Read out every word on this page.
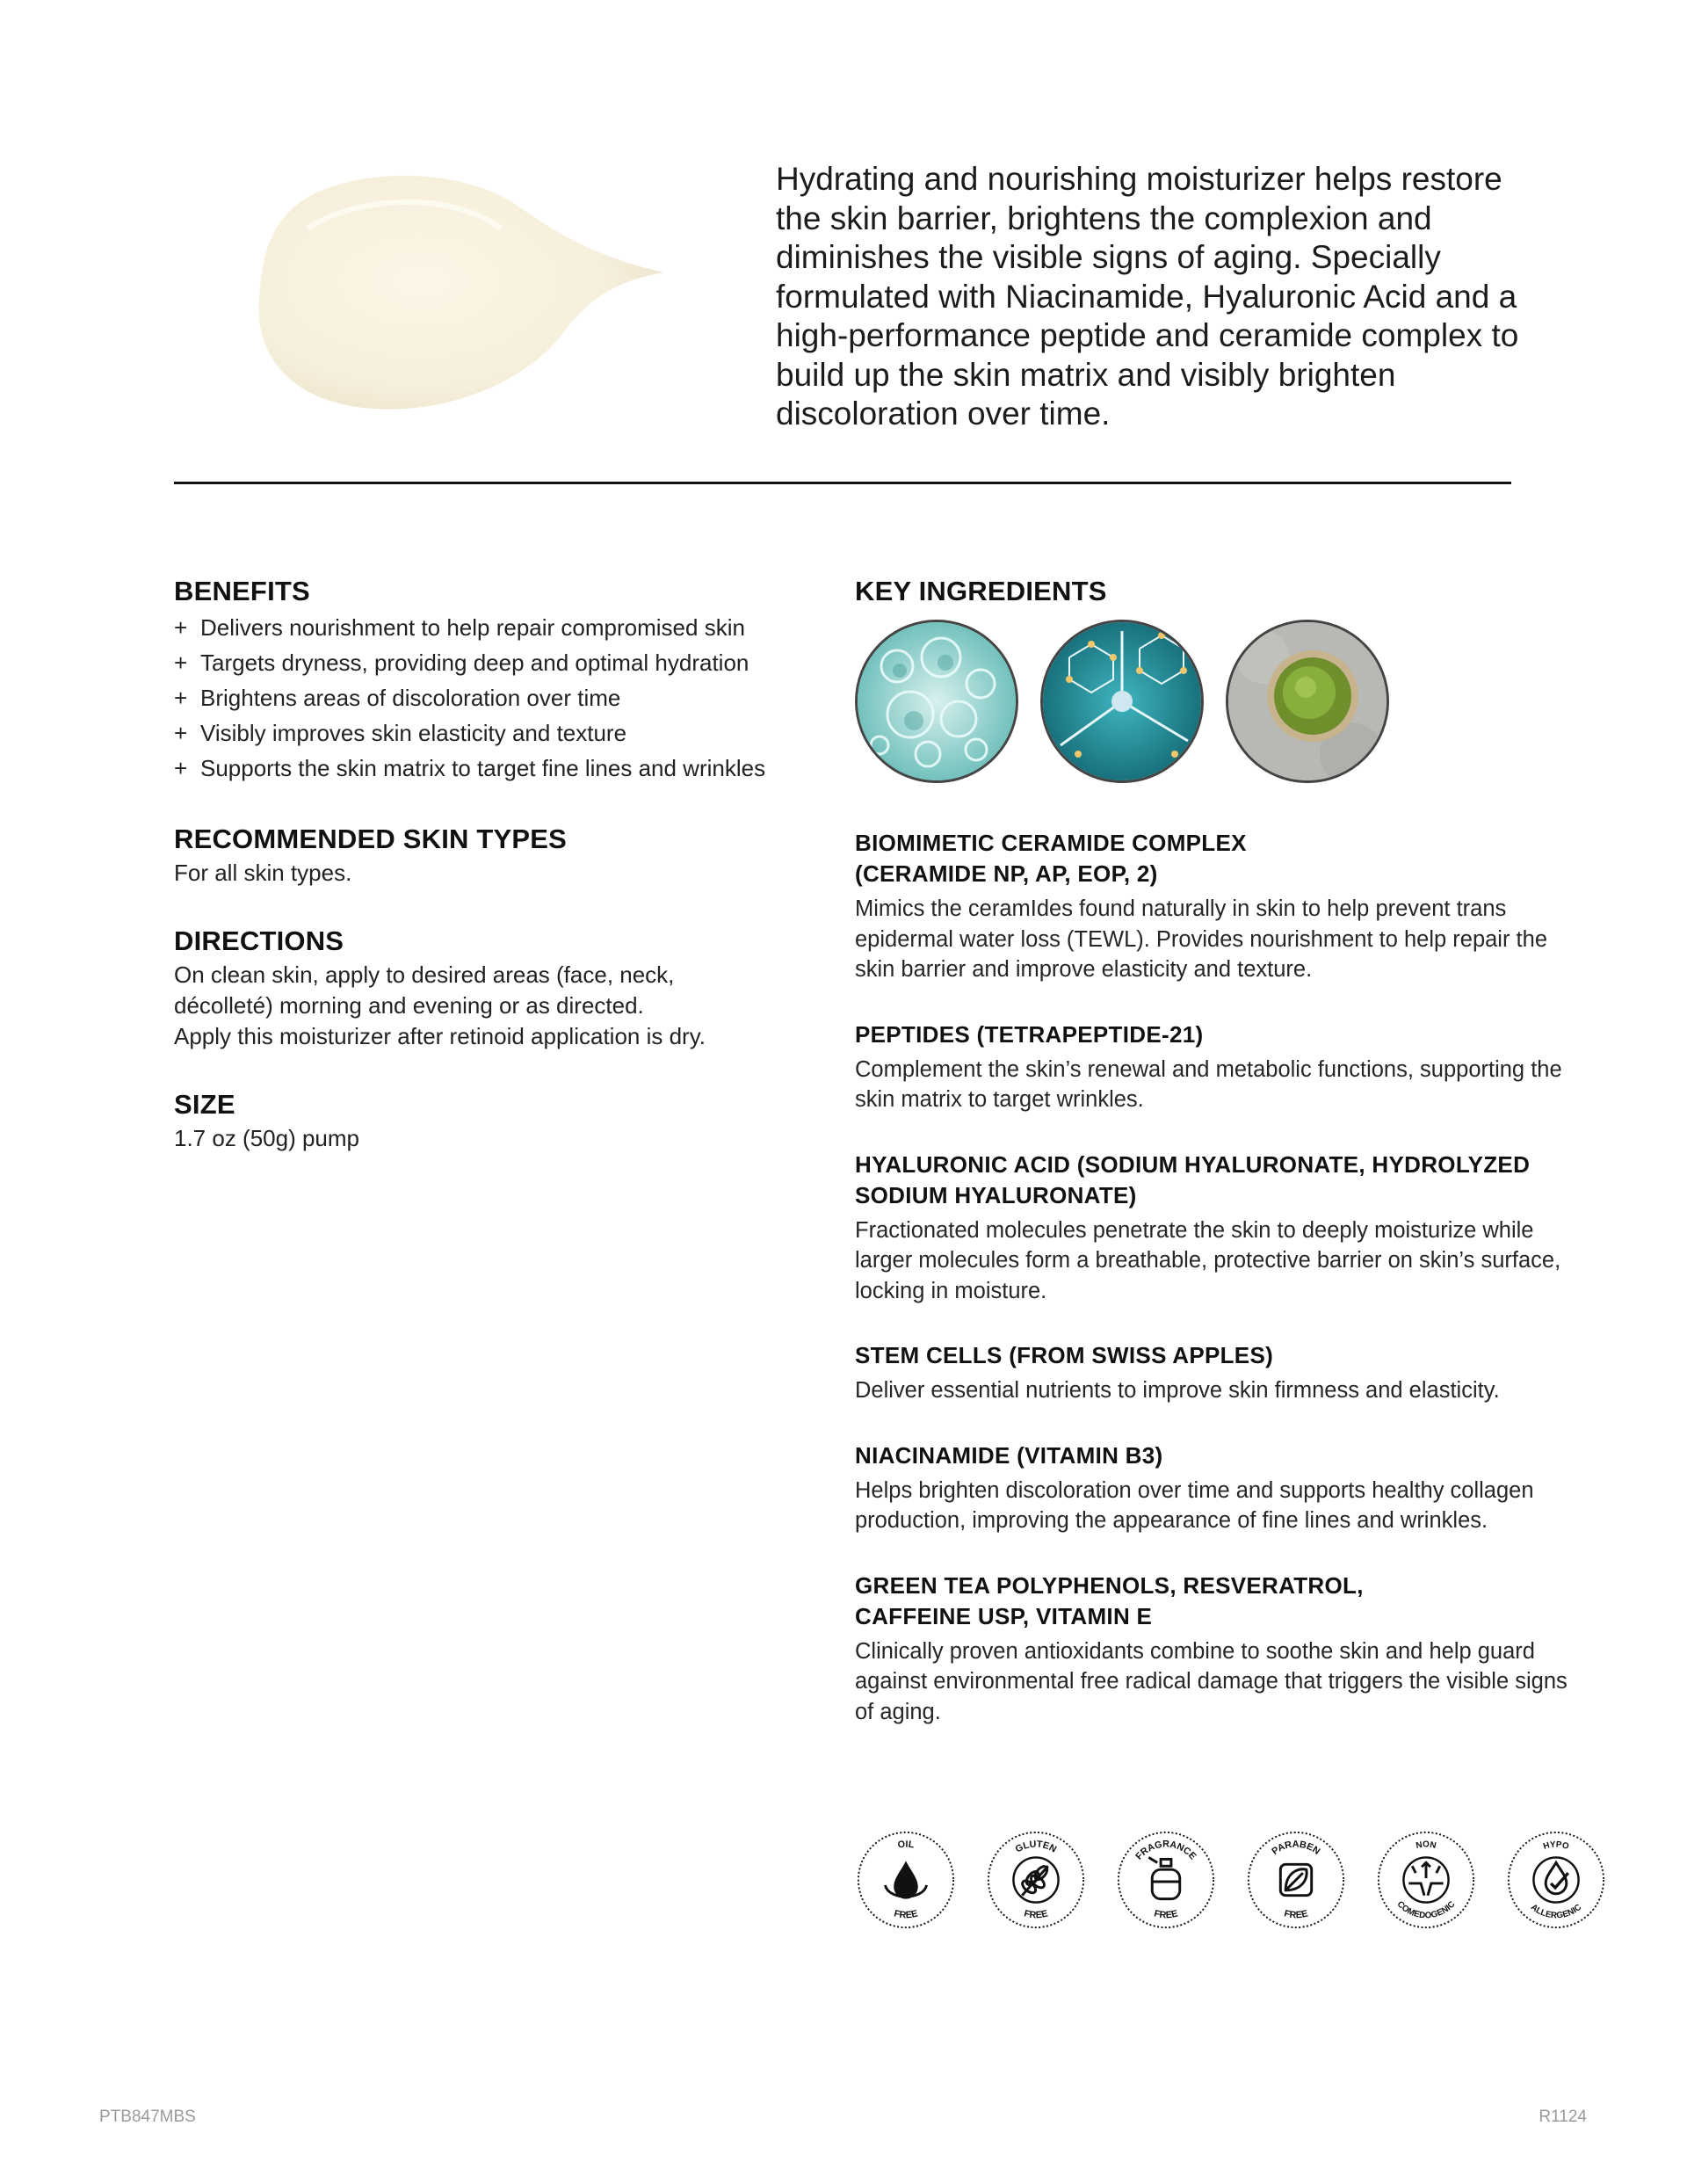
Hydrating and nourishing moisturizer helps restore the skin barrier, brightens the complexion and diminishes the visible signs of aging. Specially formulated with Niacinamide, Hyaluronic Acid and a high-performance peptide and ceramide complex to build up the skin matrix and visibly brighten discoloration over time.
BENEFITS
+ Delivers nourishment to help repair compromised skin
+ Targets dryness, providing deep and optimal hydration
+ Brightens areas of discoloration over time
+ Visibly improves skin elasticity and texture
+ Supports the skin matrix to target fine lines and wrinkles
RECOMMENDED SKIN TYPES

For all skin types.

DIRECTIONS

On clean skin, apply to desired areas (face, neck,

décolleté) morning and evening or as directed.

Apply this moisturizer after retinoid application is dry.

SIZE

1.7 oz (50g) pump

KEY INGREDIENTS
BIOMIMETIC CERAMIDE COMPLEX
(CERAMIDE NP, AP, EOP, 2)

Mimics the ceramIdes found naturally in skin to help prevent trans epidermal water loss (TEWL). Provides nourishment to help repair the skin barrier and improve elasticity and texture.

PEPTIDES (TETRAPEPTIDE-21)

Complement the skin’s renewal and metabolic functions, supporting the skin matrix to target wrinkles.

HYALURONIC ACID (SODIUM HYALURONATE, HYDROLYZED SODIUM HYALURONATE)

Fractionated molecules penetrate the skin to deeply moisturize while larger molecules form a breathable, protective barrier on skin’s surface, locking in moisture.

STEM CELLS (FROM SWISS APPLES)

Deliver essential nutrients to improve skin firmness and elasticity.

NIACINAMIDE (VITAMIN B3)

Helps brighten discoloration over time and supports healthy collagen production, improving the appearance of fine lines and wrinkles.

GREEN TEA POLYPHENOLS, RESVERATROL,
CAFFEINE USP, VITAMIN E

Clinically proven antioxidants combine to soothe skin and help guard against environmental free radical damage that triggers the visible signs of aging.

OIL
FREE
GLUTEN
FREE
FRAGRANCE
FREE
PARABEN
FREE
NON
COMEDOGENIC
HYPO
ALLERGENIC
PTB847MBS	R1124
